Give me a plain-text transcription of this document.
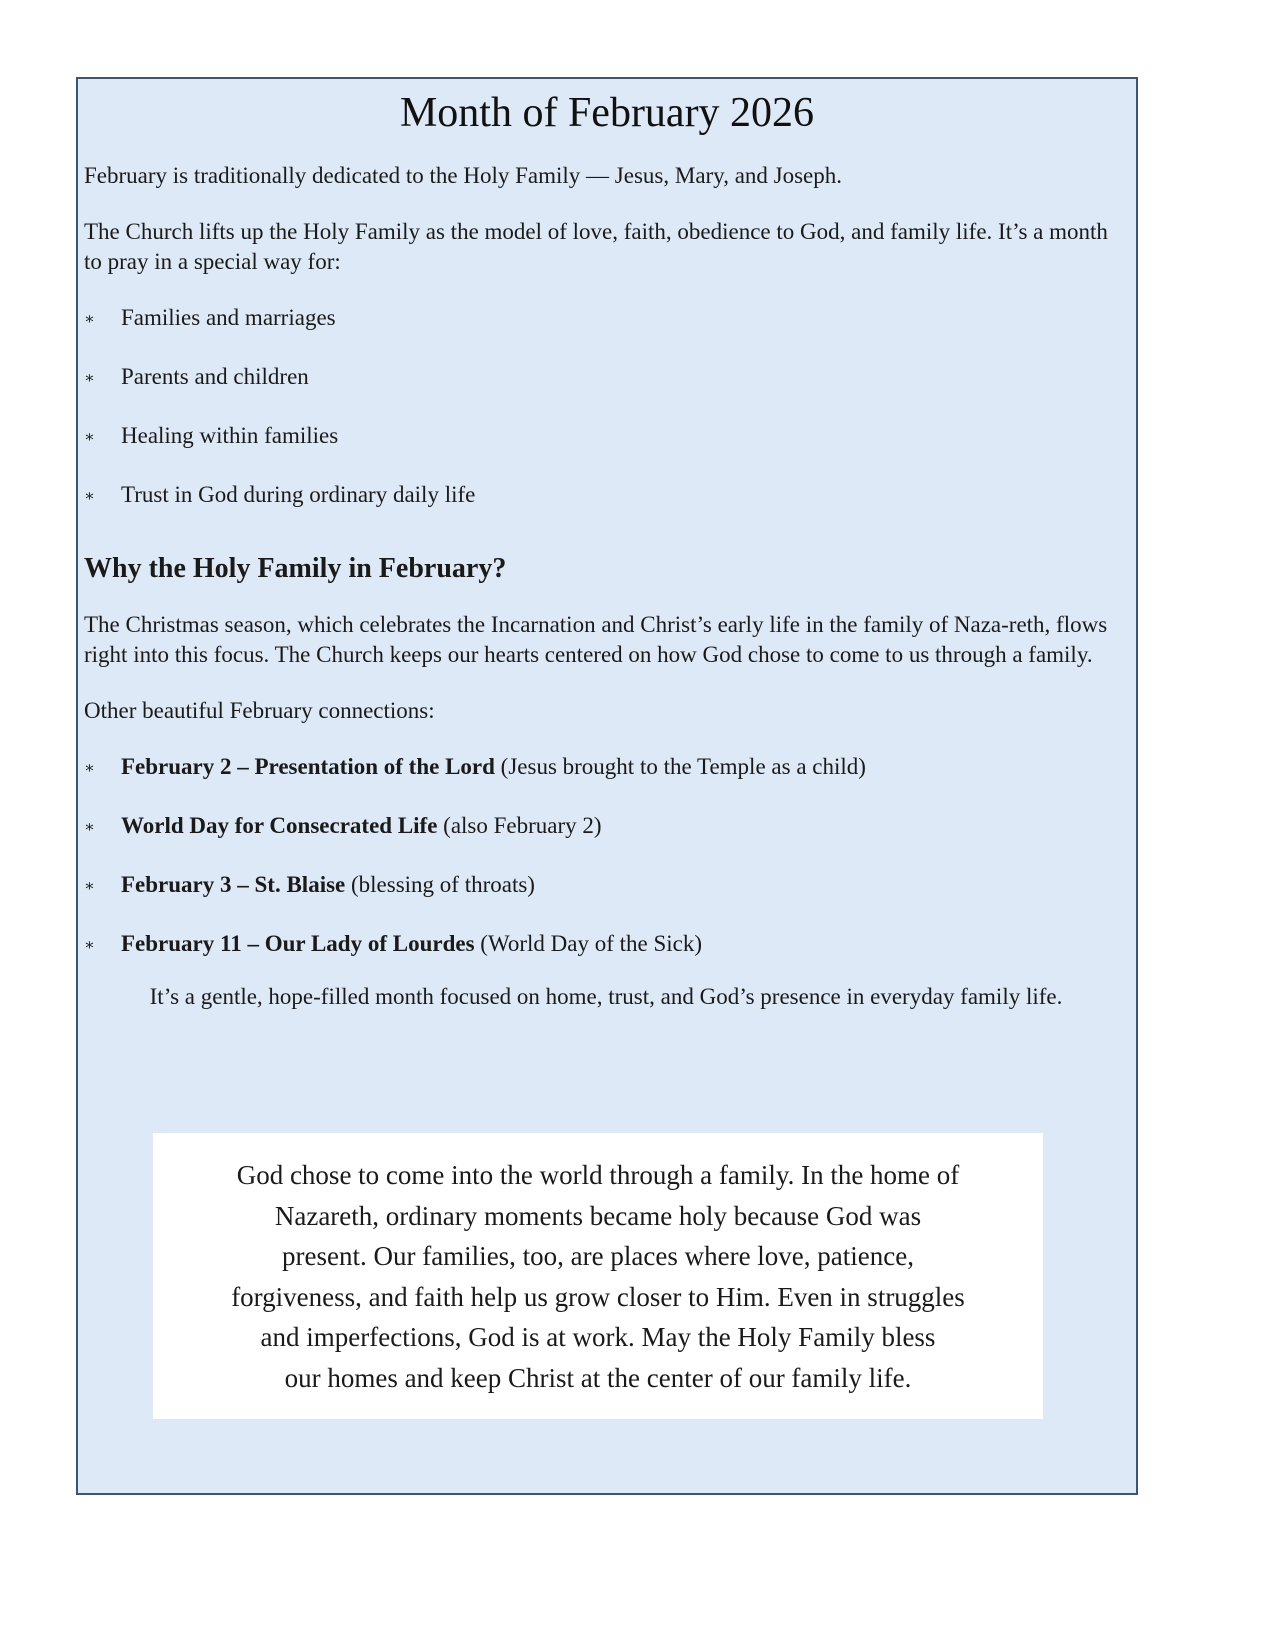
Month of February 2026

February is traditionally dedicated to the Holy Family — Jesus, Mary, and Joseph.

The Church lifts up the Holy Family as the model of love, faith, obedience to God, and family life. It’s a month to pray in a special way for:

∗ Families and marriages
∗ Parents and children
∗ Healing within families
∗ Trust in God during ordinary daily life
Why the Holy Family in February?

The Christmas season, which celebrates the Incarnation and Christ’s early life in the family of Naza-reth, flows right into this focus. The Church keeps our hearts centered on how God chose to come to us through a family.

Other beautiful February connections:

∗ February 2 – Presentation of the Lord (Jesus brought to the Temple as a child)
∗ World Day for Consecrated Life (also February 2)
∗ February 3 – St. Blaise (blessing of throats)
∗ February 11 – Our Lady of Lourdes (World Day of the Sick)

It’s a gentle, hope-filled month focused on home, trust, and God’s presence in everyday family life.

God chose to come into the world through a family. In the home of
Nazareth, ordinary moments became holy because God was
present. Our families, too, are places where love, patience,
forgiveness, and faith help us grow closer to Him. Even in struggles
and imperfections, God is at work. May the Holy Family bless
our homes and keep Christ at the center of our family life.
